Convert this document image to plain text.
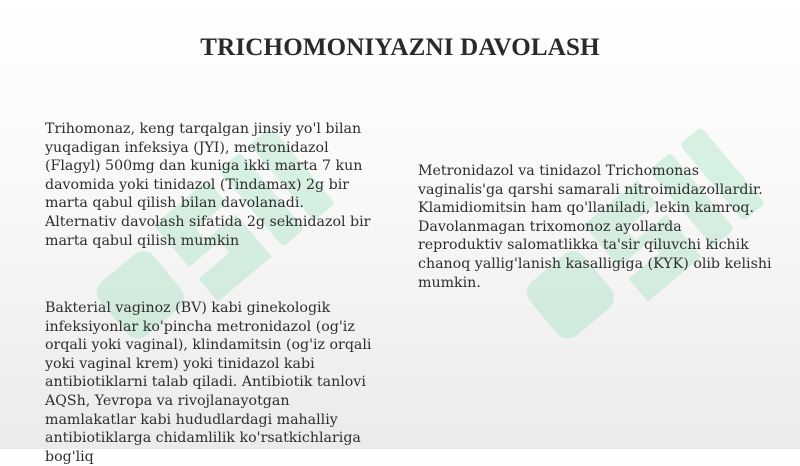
TRICHOMONIYAZNI DAVOLASH
Trihomonaz, keng tarqalgan jinsiy yo'l bilan
yuqadigan infeksiya (JYI), metronidazol
(Flagyl) 500mg dan kuniga ikki marta 7 kun
davomida yoki tinidazol (Tindamax) 2g bir
marta qabul qilish bilan davolanadi.
Alternativ davolash sifatida 2g seknidazol bir
marta qabul qilish mumkin
Bakterial vaginoz (BV) kabi ginekologik
infeksiyonlar ko'pincha metronidazol (og'iz
orqali yoki vaginal), klindamitsin (og'iz orqali
yoki vaginal krem) yoki tinidazol kabi
antibiotiklarni talab qiladi. Antibiotik tanlovi
AQSh, Yevropa va rivojlanayotgan
mamlakatlar kabi hududlardagi mahalliy
antibiotiklarga chidamlilik ko'rsatkichlariga
bog'liq
Metronidazol va tinidazol Trichomonas
vaginalis'ga qarshi samarali nitroimidazollardir.
Klamidiomitsin ham qo'llaniladi, lekin kamroq.
Davolanmagan trixomonoz ayollarda
reproduktiv salomatlikka ta'sir qiluvchi kichik
chanoq yallig'lanish kasalligiga (KYK) olib kelishi
mumkin.
